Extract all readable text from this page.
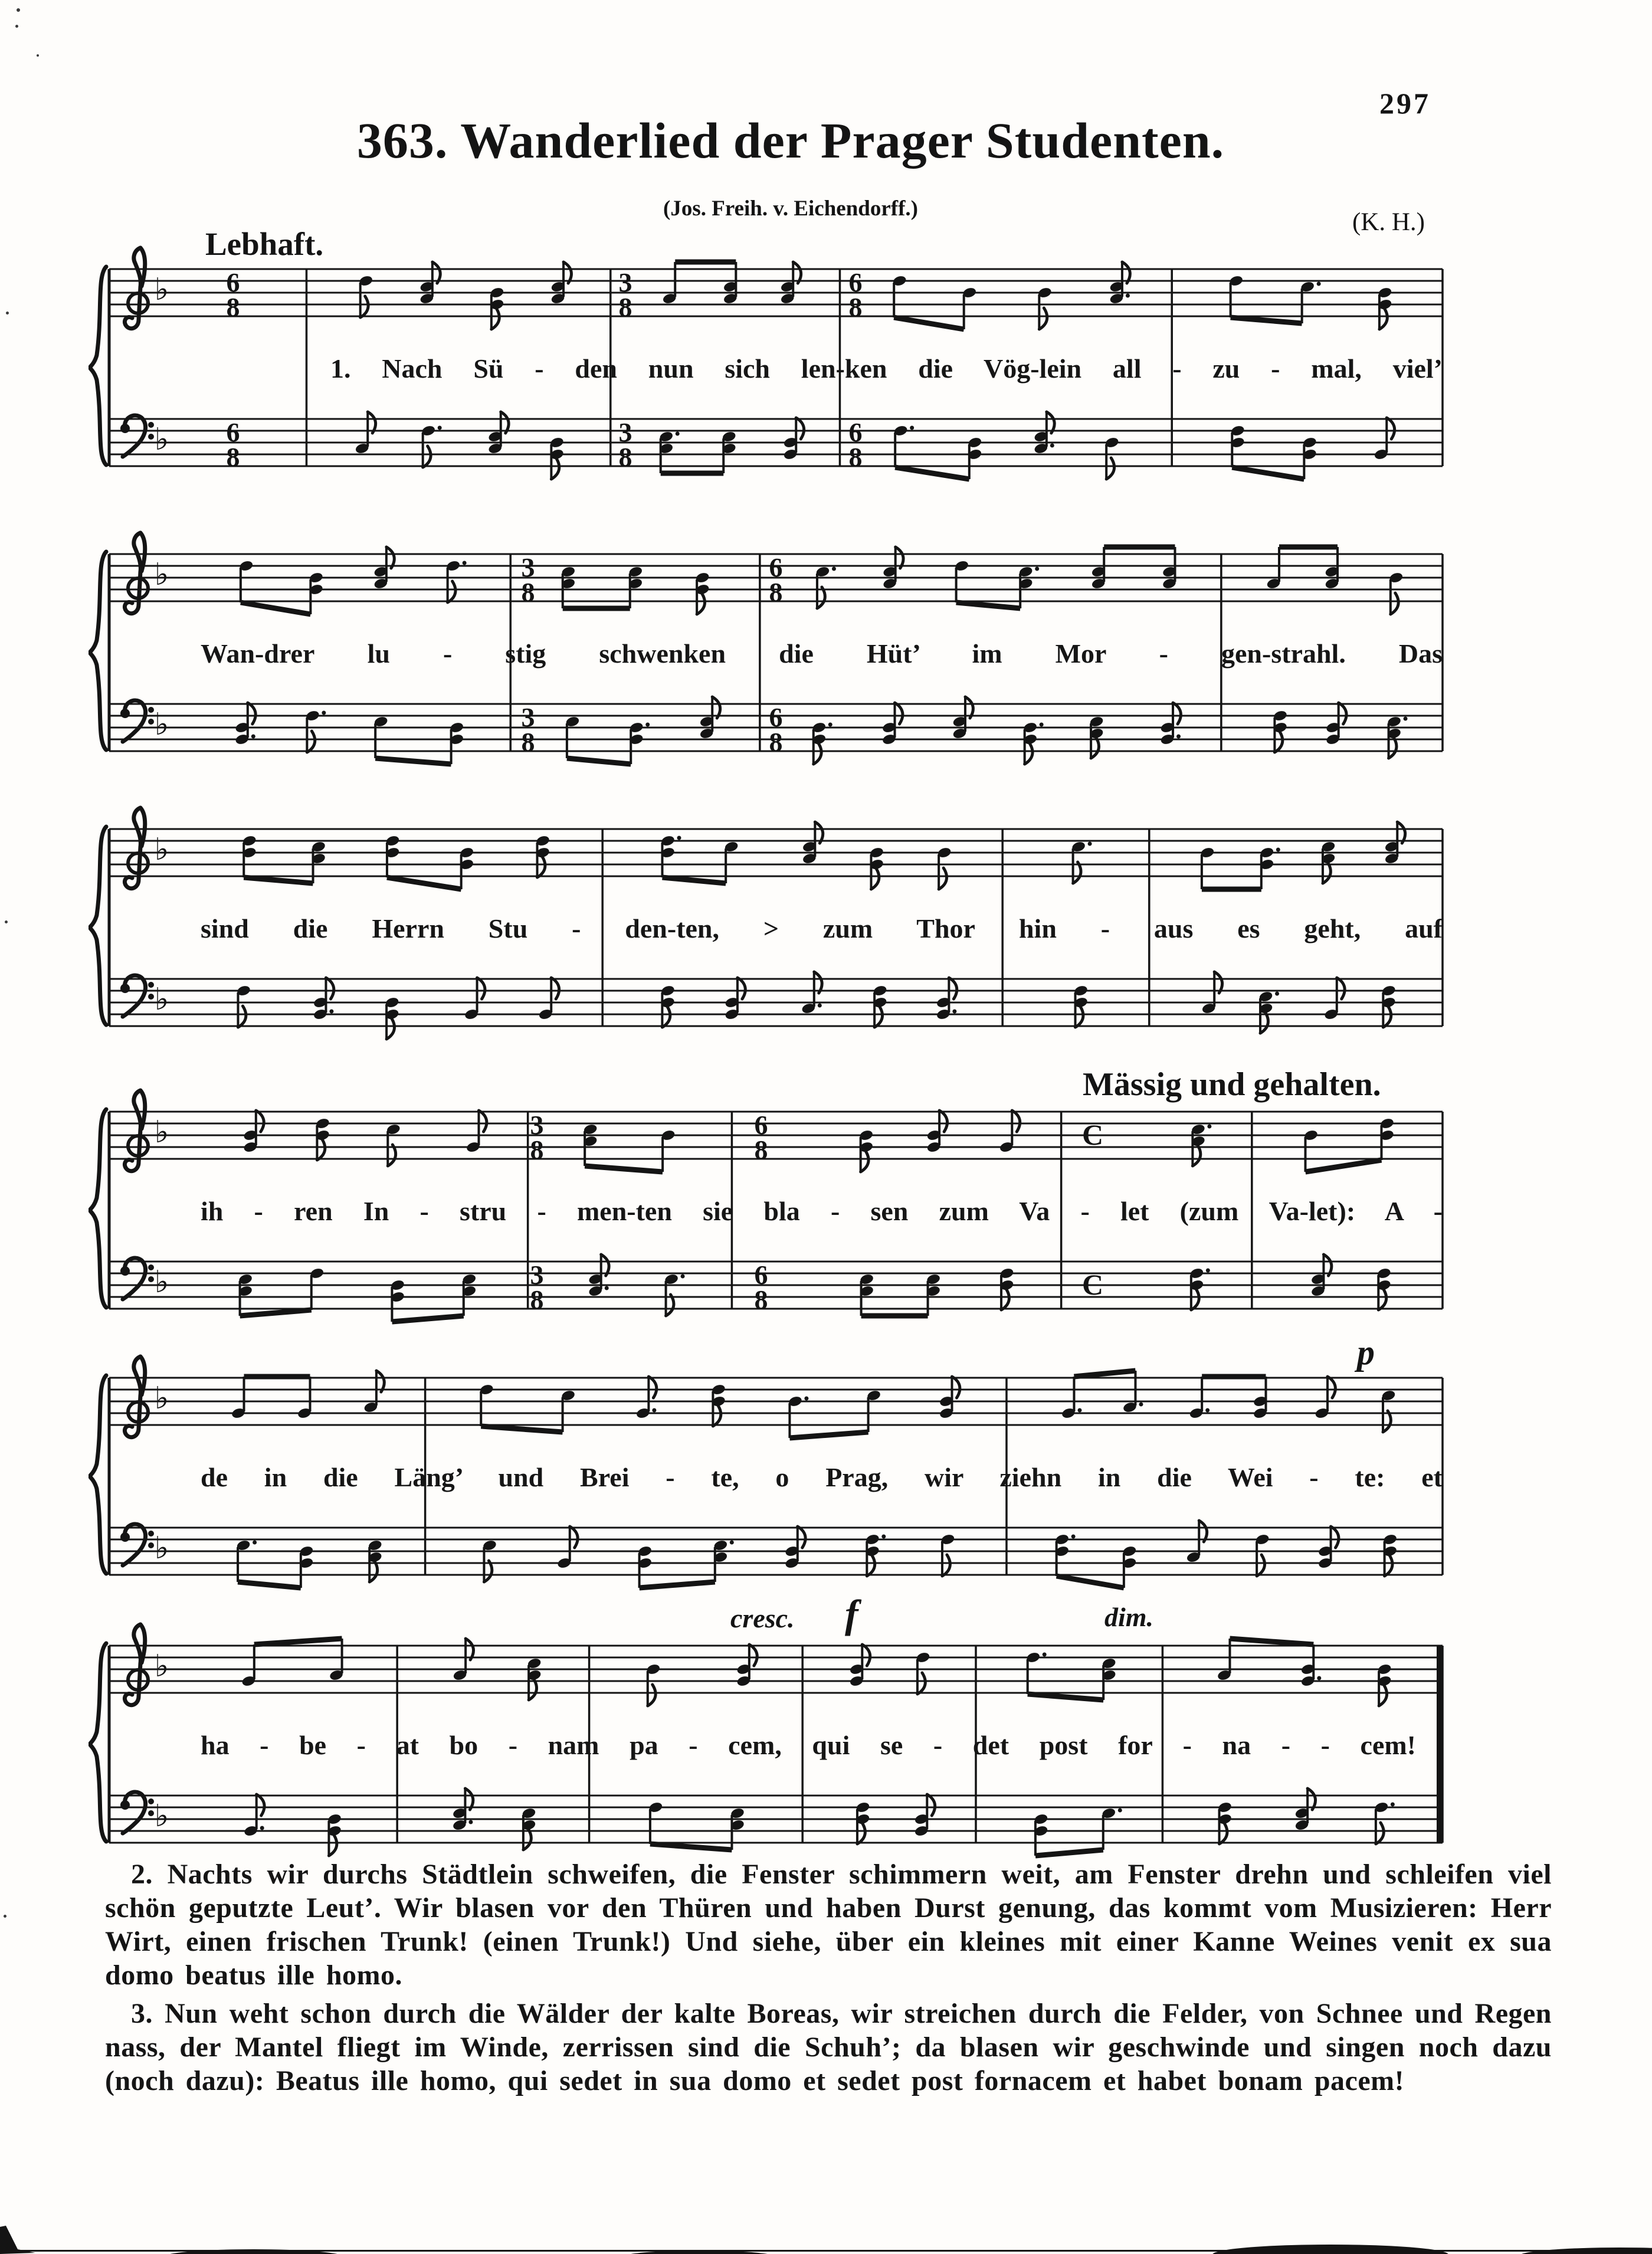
297
363. Wanderlied der Prager Studenten.
(Jos. Freih. v. Eichendorff.)	(K. H.)
Lebhaft.
♭
♭
6
8
6
8
3
8
3
8
6
8
6
8
♭
♭
3
8
3
8
6
8
6
8
♭
♭
♭
♭
3
8
3
8
6
8
6
8
C
C
♭
♭
♭
♭
1. Nach Sü - den nun sich len-ken die Vög-lein all - zu - mal, viel’
Wan-drer lu - stig schwenken die Hüt’ im Mor - gen-strahl. Das
sind die Herrn Stu - den-ten, > zum Thor hin - aus es geht, auf
ih - ren In - stru - men-ten sie bla - sen zum Va - let (zum Va-let): A -
de in die Läng’ und Brei - te, o Prag, wir ziehn in die Wei - te: et
ha - be - at bo - nam pa - cem, qui se - det post for - na - - cem!
Mässig und gehalten.
p
cresc. f	dim.

2. Nachts wir durchs Städtlein schweifen, die Fenster schimmern weit, am Fenster drehn und schleifen viel schön geputzte Leut’. Wir blasen vor den Thüren und haben Durst genung, das kommt vom Musizieren: Herr Wirt, einen frischen Trunk! (einen Trunk!) Und siehe, über ein kleines mit einer Kanne Weines venit ex sua domo beatus ille homo.

3. Nun weht schon durch die Wälder der kalte Boreas, wir streichen durch die Felder, von Schnee und Regen nass, der Mantel fliegt im Winde, zerrissen sind die Schuh’; da blasen wir geschwinde und singen noch dazu (noch dazu): Beatus ille homo, qui sedet in sua domo et sedet post fornacem et habet bonam pacem!
